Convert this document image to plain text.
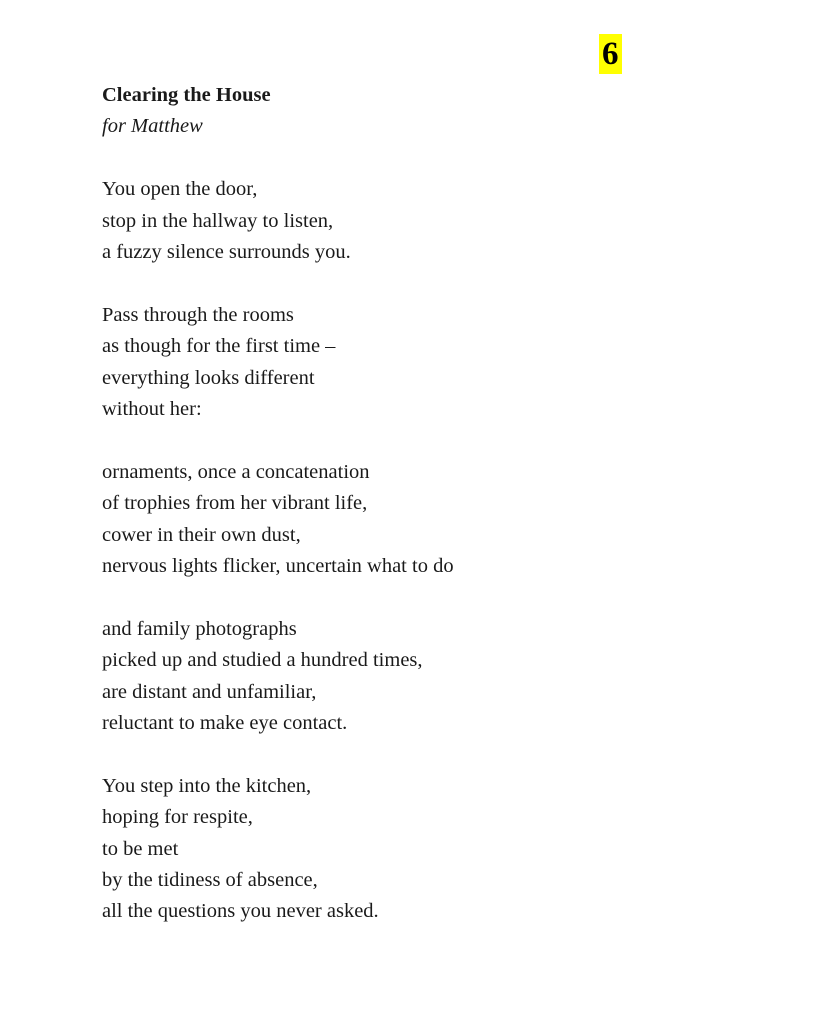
6
Clearing the House
for Matthew
You open the door,
stop in the hallway to listen,
a fuzzy silence surrounds you.
Pass through the rooms
as though for the first time –
everything looks different
without her:
ornaments, once a concatenation
of trophies from her vibrant life,
cower in their own dust,
nervous lights flicker, uncertain what to do
and family photographs
picked up and studied a hundred times,
are distant and unfamiliar,
reluctant to make eye contact.
You step into the kitchen,
hoping for respite,
to be met
by the tidiness of absence,
all the questions you never asked.
